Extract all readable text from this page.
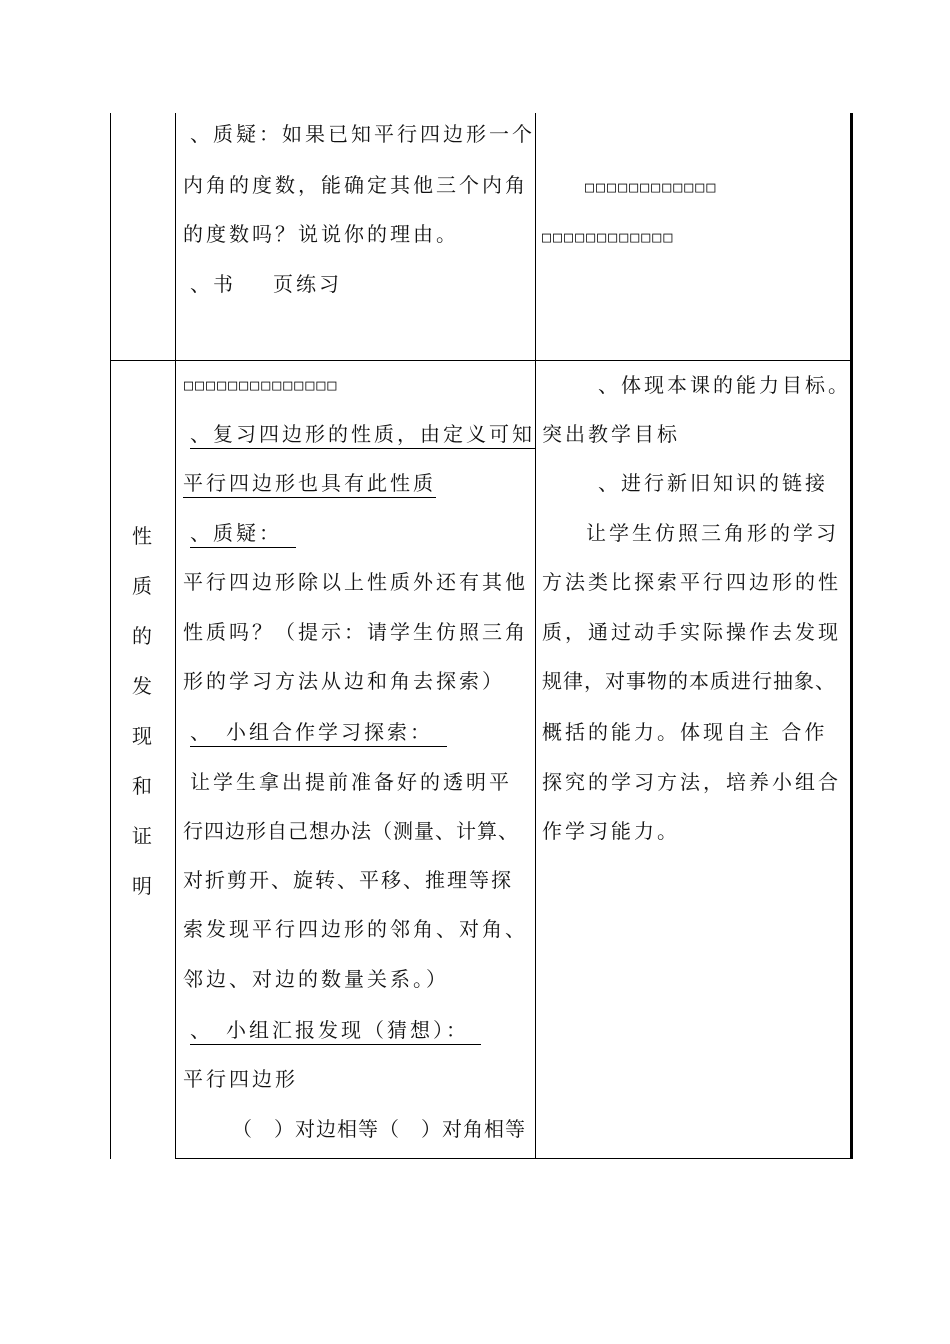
、质疑：如果已知平行四边形一个
内角的度数，能确定其他三个内角
的度数吗？说说你的理由。
、书 页练习
□□□□□□□□□□□□
□□□□□□□□□□□□
性
质
的
发
现
和
证
明
□□□□□□□□□□□□□□
、复习四边形的性质，由定义可知
平行四边形也具有此性质
、质疑：
平行四边形除以上性质外还有其他
性质吗？（提示：请学生仿照三角
形的学习方法从边和角去探索）
、　小组合作学习探索：
让学生拿出提前准备好的透明平
行四边形自己想办法（测量、计算、
对折剪开、旋转、平移、推理等探
索发现平行四边形的邻角、对角、
邻边、对边的数量关系。）
、　小组汇报发现（猜想）：
平行四边形
（　）对边相等（　）对角相等
、体现本课的能力目标。
突出教学目标
、进行新旧知识的链接
让学生仿照三角形的学习
方法类比探索平行四边形的性
质，通过动手实际操作去发现
规律，对事物的本质进行抽象、
概括的能力。体现自主 合作
探究的学习方法，培养小组合
作学习能力。
